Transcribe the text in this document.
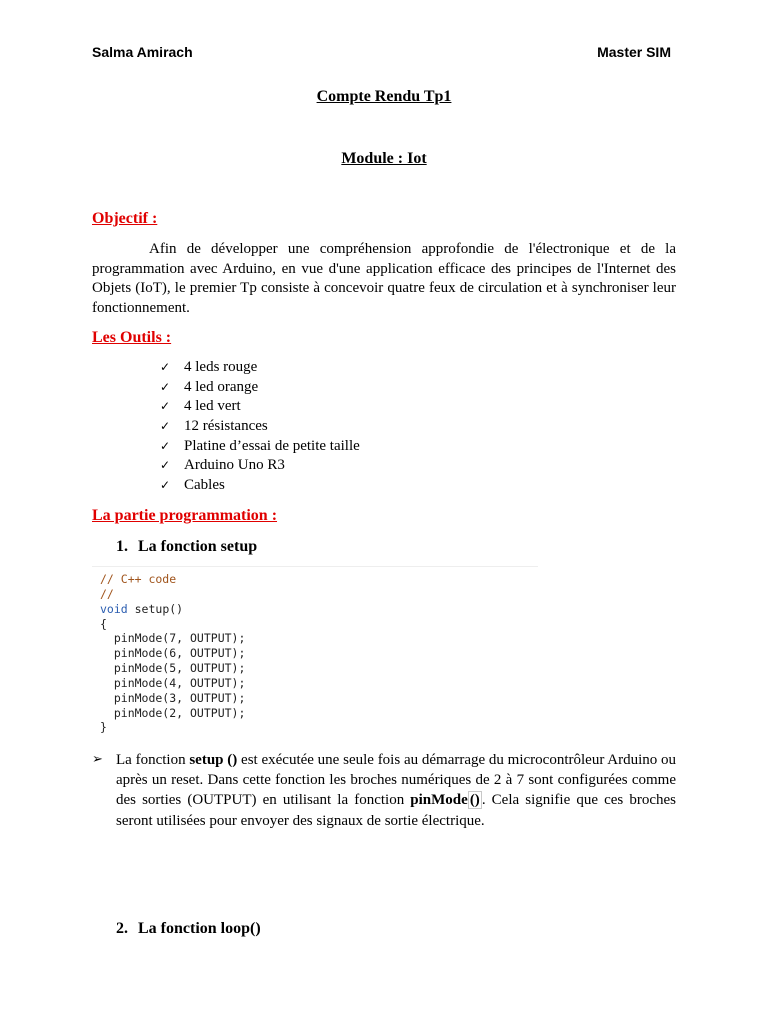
Salma Amirach	Master SIM
Compte Rendu Tp1
Module : Iot
Objectif :
Afin de développer une compréhension approfondie de l'électronique et de la programmation avec Arduino, en vue d'une application efficace des principes de l'Internet des Objets (IoT), le premier Tp consiste à concevoir quatre feux de circulation et à synchroniser leur fonctionnement.
Les Outils :
✓ 4 leds rouge
✓ 4 led orange
✓ 4 led vert
✓ 12 résistances
✓ Platine d’essai de petite taille
✓ Arduino Uno R3
✓ Cables
La partie programmation :
1. La fonction setup
// C++ code
//
void setup()
{
pinMode(7, OUTPUT);
pinMode(6, OUTPUT);
pinMode(5, OUTPUT);
pinMode(4, OUTPUT);
pinMode(3, OUTPUT);
pinMode(2, OUTPUT);
}
➢ La fonction setup () est exécutée une seule fois au démarrage du microcontrôleur Arduino ou après un reset. Dans cette fonction les broches numériques de 2 à 7 sont configurées comme des sorties (OUTPUT) en utilisant la fonction pinMode () . Cela signifie que ces broches seront utilisées pour envoyer des signaux de sortie électrique.
2. La fonction loop()
